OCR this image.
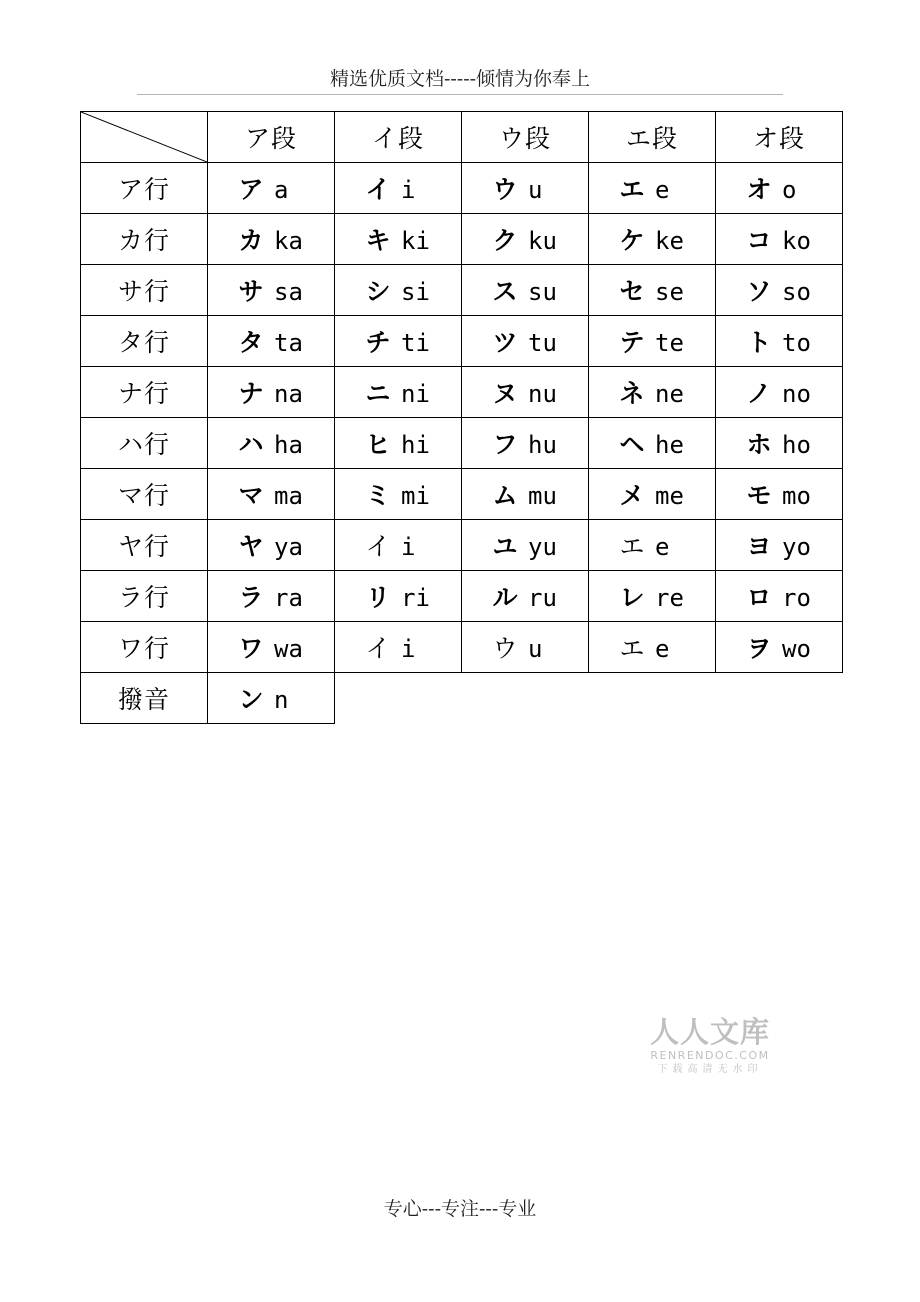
精选优质文档-----倾情为你奉上
	ア段	イ段	ウ段	エ段	オ段
ア行	ア a	イ i	ウ u	エ e	オ o
カ行	カ ka	キ ki	ク ku	ケ ke	コ ko
サ行	サ sa	シ si	ス su	セ se	ソ so
タ行	タ ta	チ ti	ツ tu	テ te	ト to
ナ行	ナ na	ニ ni	ヌ nu	ネ ne	ノ no
ハ行	ハ ha	ヒ hi	フ hu	ヘ he	ホ ho
マ行	マ ma	ミ mi	ム mu	メ me	モ mo
ヤ行	ヤ ya	イ i	ユ yu	エ e	ヨ yo
ラ行	ラ ra	リ ri	ル ru	レ re	ロ ro
ワ行	ワ wa	イ i	ウ u	エ e	ヲ wo
撥音	ン n				
人人文库
RENRENDOC.COM
下载高清无水印
专心---专注---专业
